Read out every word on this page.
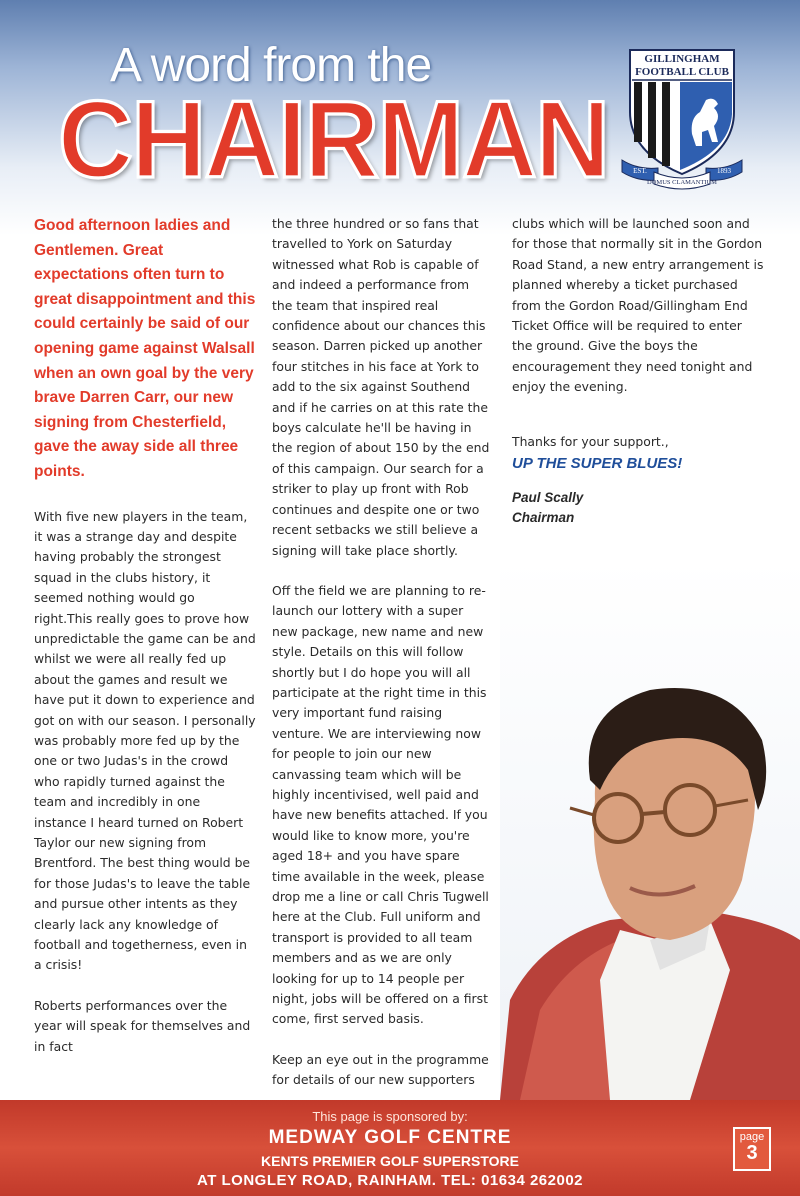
A word from the
CHAIRMAN
GILLINGHAM
FOOTBALL CLUB
EST.	1893
DOMUS CLAMANTIUM

Good afternoon ladies and Gentlemen. Great expectations often turn to great disappointment and this could certainly be said of our opening game against Walsall when an own goal by the very brave Darren Carr, our new signing from Chesterfield, gave the away side all three points.

With five new players in the team, it was a strange day and despite having probably the strongest squad in the clubs history, it seemed nothing would go right.This really goes to prove how unpredictable the game can be and whilst we were all really fed up about the games and result we have put it down to experience and got on with our season. I personally was probably more fed up by the one or two Judas's in the crowd who rapidly turned against the team and incredibly in one instance I heard turned on Robert Taylor our new signing from Brentford. The best thing would be for those Judas's to leave the table and pursue other intents as they clearly lack any knowledge of football and togetherness, even in a crisis!

Roberts performances over the year will speak for themselves and in fact

the three hundred or so fans that travelled to York on Saturday witnessed what Rob is capable of and indeed a performance from the team that inspired real confidence about our chances this season. Darren picked up another four stitches in his face at York to add to the six against Southend and if he carries on at this rate the boys calculate he'll be having in the region of about 150 by the end of this campaign. Our search for a striker to play up front with Rob continues and despite one or two recent setbacks we still believe a signing will take place shortly.

Off the field we are planning to re-launch our lottery with a super new package, new name and new style. Details on this will follow shortly but I do hope you will all participate at the right time in this very important fund raising venture. We are interviewing now for people to join our new canvassing team which will be highly incentivised, well paid and have new benefits attached. If you would like to know more, you're aged 18+ and you have spare time available in the week, please drop me a line or call Chris Tugwell here at the Club. Full uniform and transport is provided to all team members and as we are only looking for up to 14 people per night, jobs will be offered on a first come, first served basis.

Keep an eye out in the programme for details of our new supporters

clubs which will be launched soon and for those that normally sit in the Gordon Road Stand, a new entry arrangement is planned whereby a ticket purchased from the Gordon Road/Gillingham End Ticket Office will be required to enter the ground. Give the boys the encouragement they need tonight and enjoy the evening.

Thanks for your support.,

UP THE SUPER BLUES!
Paul Scally
Chairman
This page is sponsored by:
MEDWAY GOLF CENTRE
KENTS PREMIER GOLF SUPERSTORE
AT LONGLEY ROAD, RAINHAM. TEL: 01634 262002
page
3
